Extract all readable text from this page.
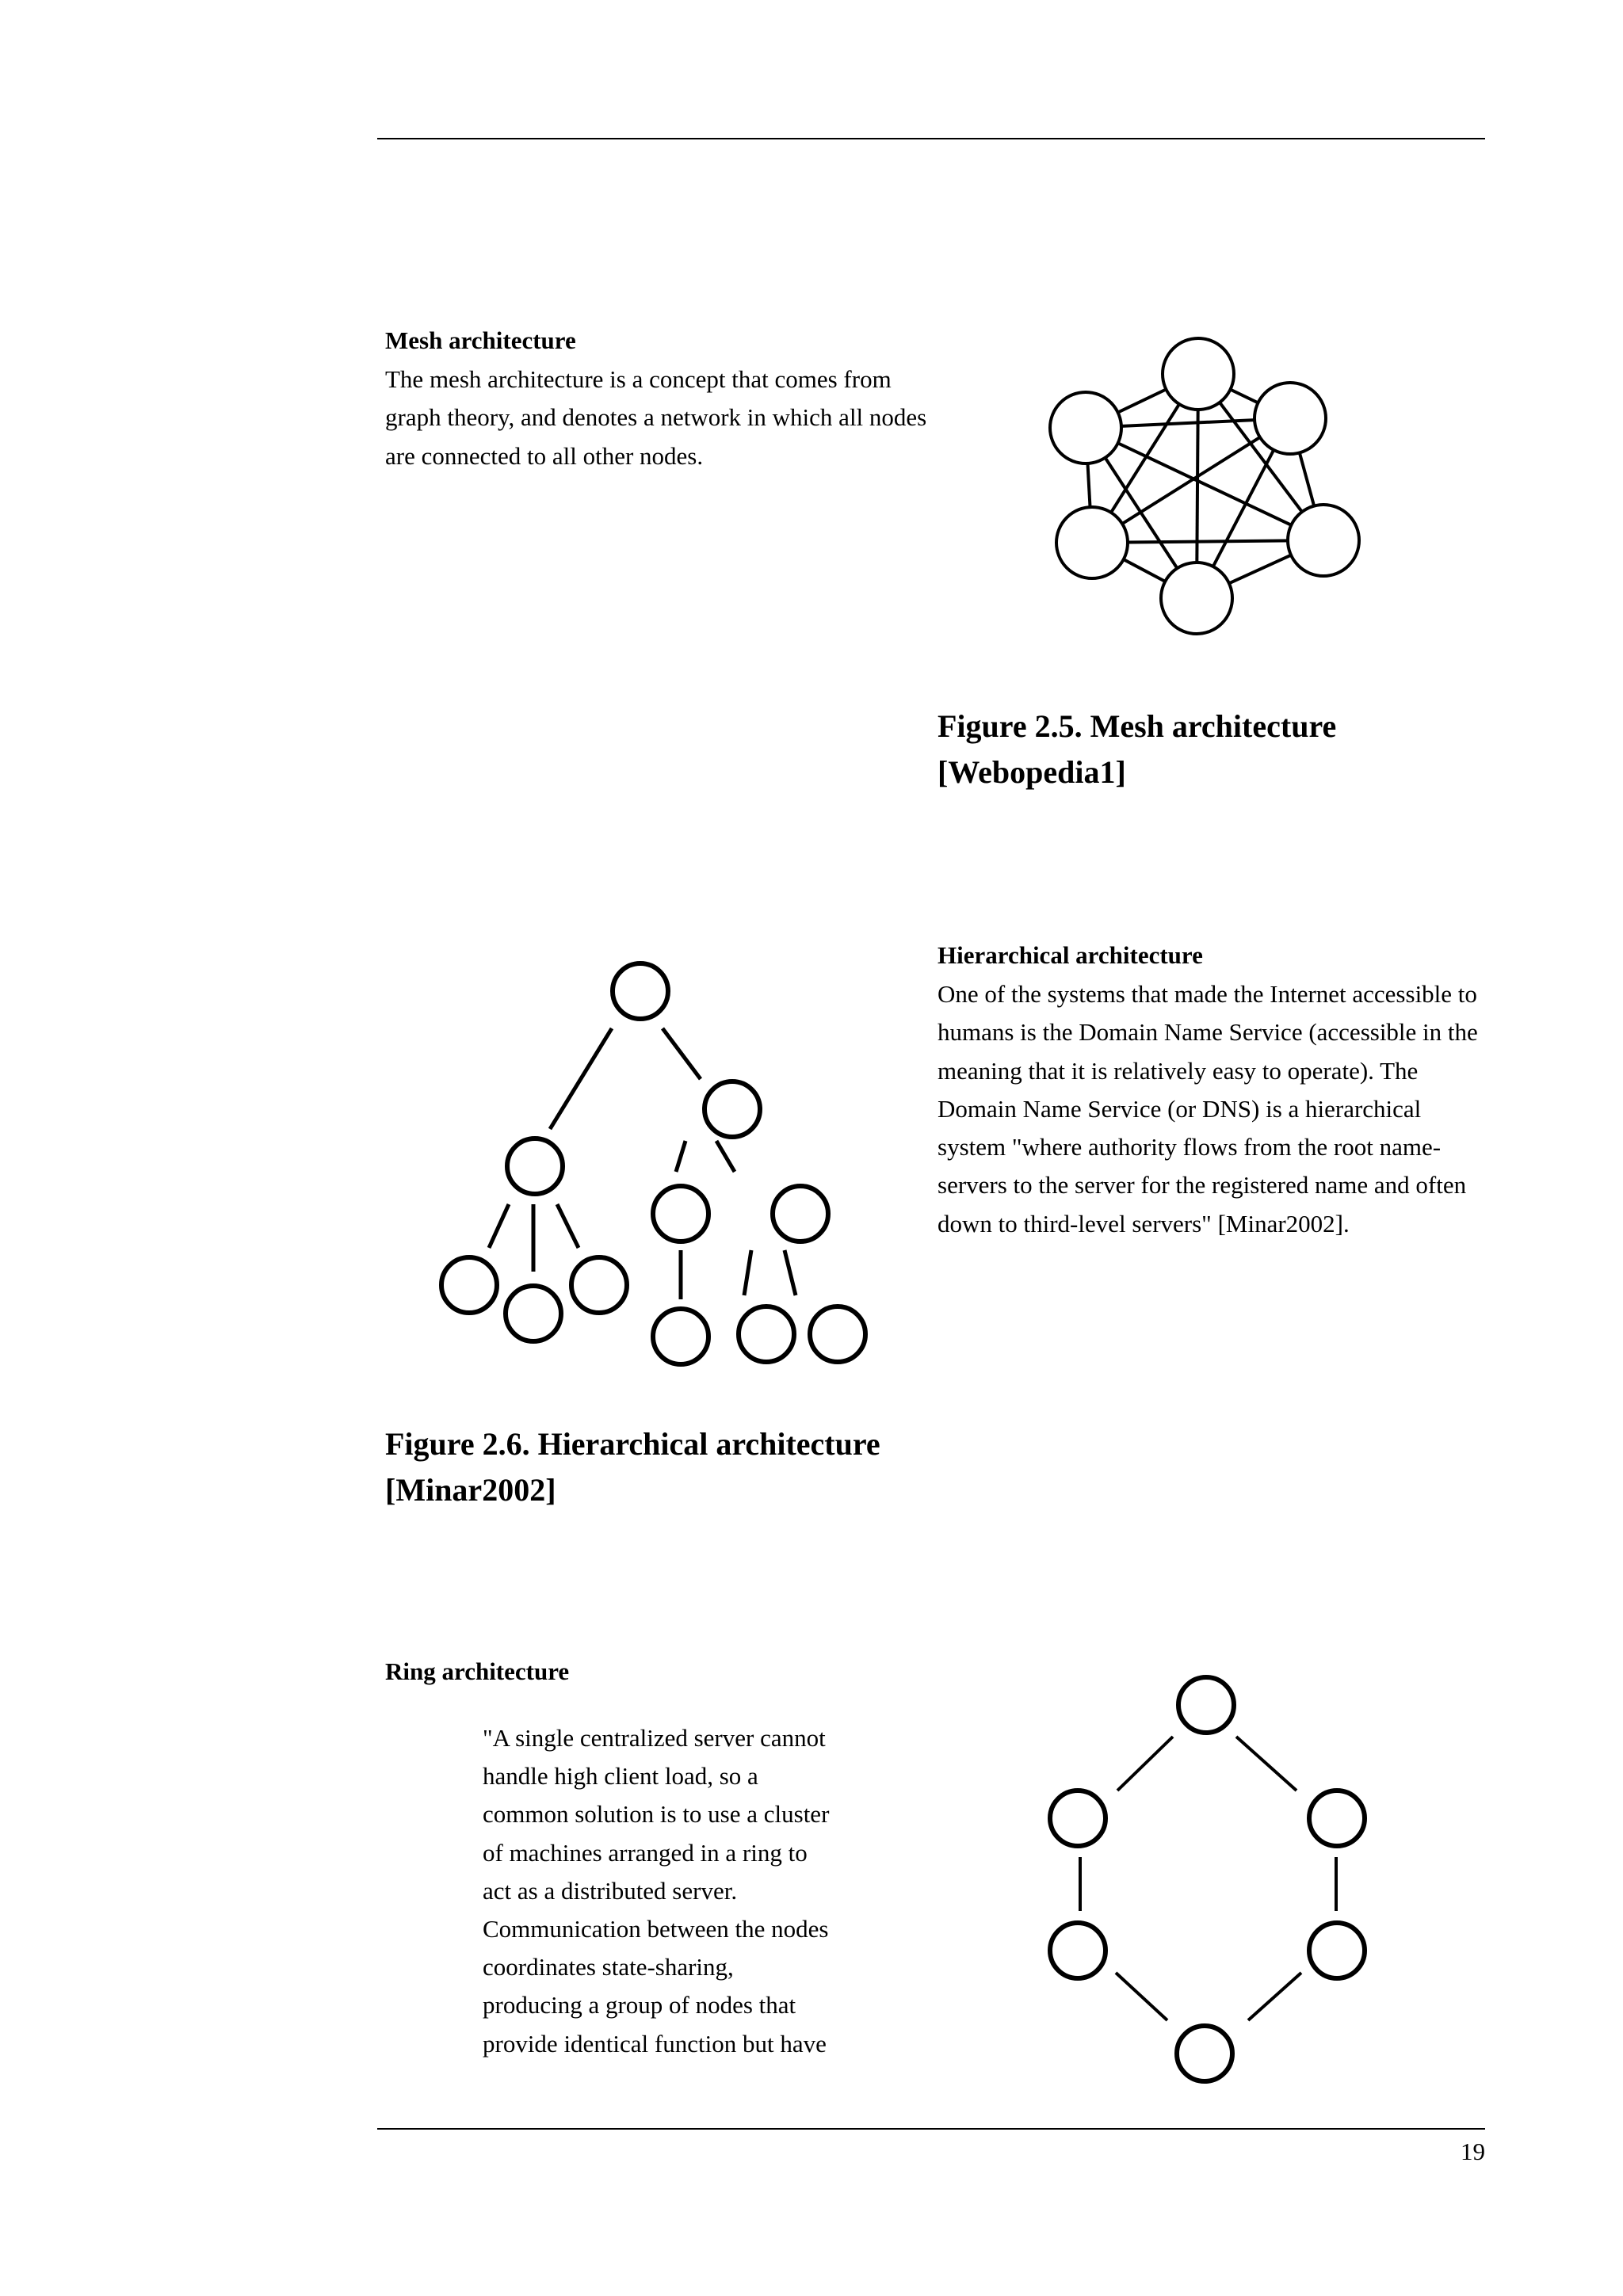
Mesh architecture

The mesh architecture is a concept that comes from graph theory, and denotes a network in which all nodes are connected to all other nodes.

Figure 2.5. Mesh architecture
[Webopedia1]
Hierarchical architecture

One of the systems that made the Internet accessible to humans is the Domain Name Service (accessible in the meaning that it is relatively easy to operate). The Domain Name Service (or DNS) is a hierarchical system "where authority flows from the root name-servers to the server for the registered name and often down to third-level servers" [Minar2002].

Figure 2.6. Hierarchical architecture
[Minar2002]
Ring architecture

"A single centralized server cannot handle high client load, so a common solution is to use a cluster of machines arranged in a ring to act as a distributed server. Communication between the nodes coordinates state-sharing, producing a group of nodes that provide identical function but have

19
